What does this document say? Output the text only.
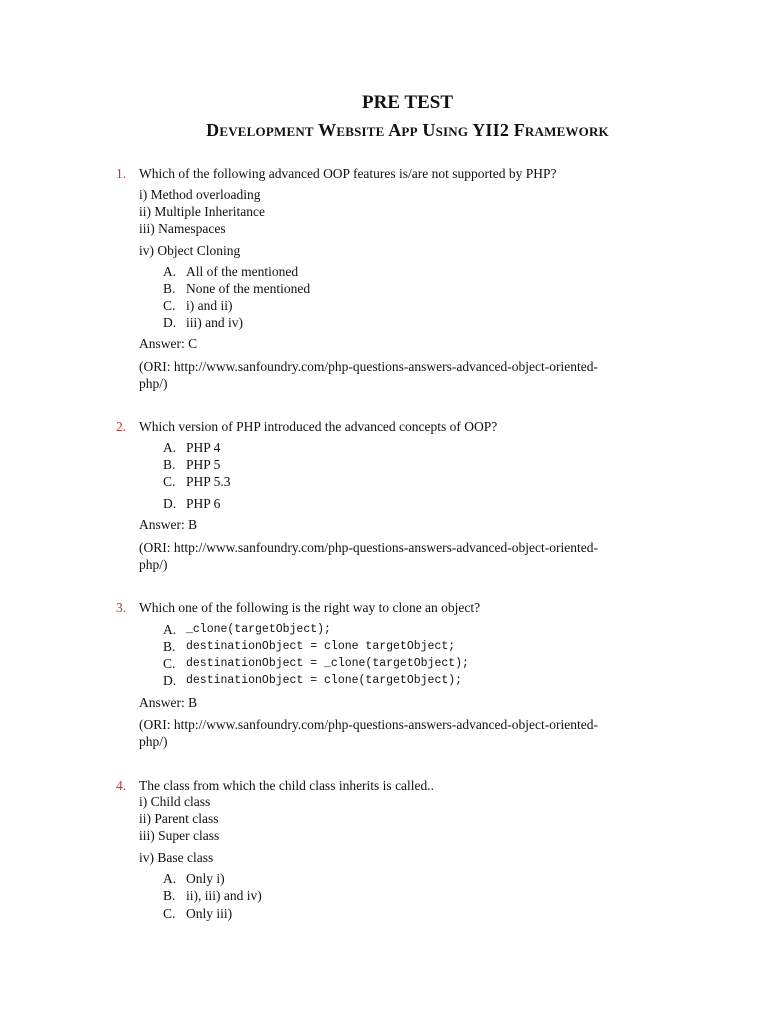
PRE TEST
Development Website App Using YII2 Framework
1. Which of the following advanced OOP features is/are not supported by PHP?
i) Method overloading
ii) Multiple Inheritance
iii) Namespaces
iv) Object Cloning
A. All of the mentioned
B. None of the mentioned
C. i) and ii)
D. iii) and iv)
Answer: C
(ORI: http://www.sanfoundry.com/php-questions-answers-advanced-object-oriented-
php/)
2. Which version of PHP introduced the advanced concepts of OOP?
A. PHP 4
B. PHP 5
C. PHP 5.3
D. PHP 6
Answer: B
(ORI: http://www.sanfoundry.com/php-questions-answers-advanced-object-oriented-
php/)
3. Which one of the following is the right way to clone an object?
A. _clone(targetObject);
B. destinationObject = clone targetObject;
C. destinationObject = _clone(targetObject);
D. destinationObject = clone(targetObject);
Answer: B
(ORI: http://www.sanfoundry.com/php-questions-answers-advanced-object-oriented-
php/)
4. The class from which the child class inherits is called..
i) Child class
ii) Parent class
iii) Super class
iv) Base class
A. Only i)
B. ii), iii) and iv)
C. Only iii)
